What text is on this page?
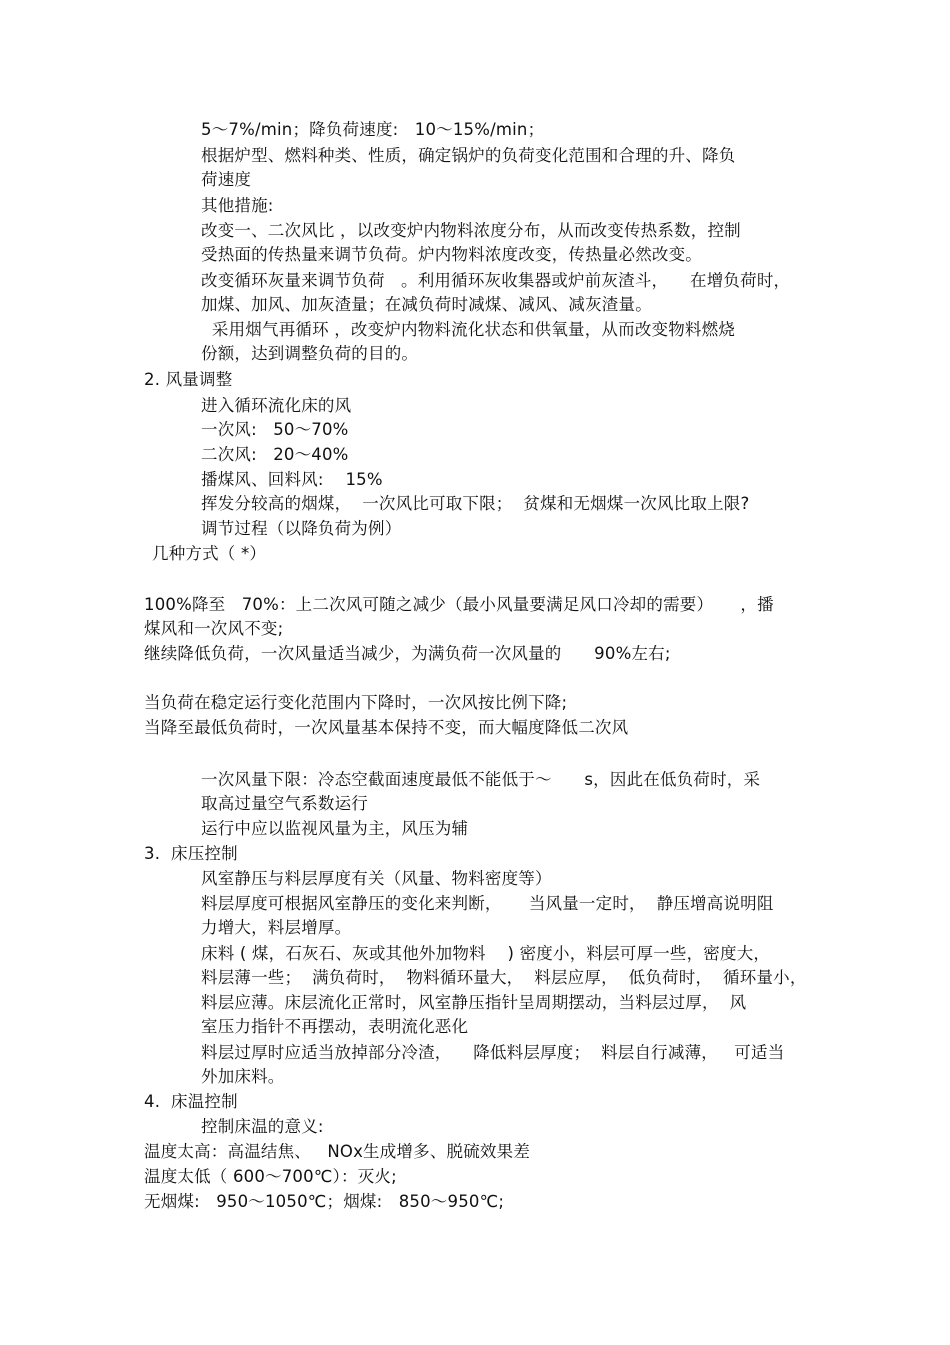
5～7%/min；降负荷速度:   10～15%/min；
根据炉型、燃料种类、性质，确定锅炉的负荷变化范围和合理的升、降负
荷速度
其他措施:
改变一、二次风比 ，以改变炉内物料浓度分布，从而改变传热系数，控制
受热面的传热量来调节负荷。炉内物料浓度改变，传热量必然改变。
改变循环灰量来调节负荷   。利用循环灰收集器或炉前灰渣斗，    在增负荷时，
加煤、加风、加灰渣量；在减负荷时减煤、减风、减灰渣量。
采用烟气再循环 ，改变炉内物料流化状态和供氧量，从而改变物料燃烧
份额，达到调整负荷的目的。
2. 风量调整
进入循环流化床的风
一次风:   50～70%
二次风:   20～40%
播煤风、回料风:    15%
挥发分较高的烟煤，  一次风比可取下限；  贫煤和无烟煤一次风比取上限?
调节过程（以降负荷为例）
几种方式（ *）
100%降至   70%：上二次风可随之减少（最小风量要满足风口冷却的需要）     ，播
煤风和一次风不变;
继续降低负荷，一次风量适当减少，为满负荷一次风量的      90%左右;
当负荷在稳定运行变化范围内下降时，一次风按比例下降;
当降至最低负荷时，一次风量基本保持不变，而大幅度降低二次风
一次风量下限：冷态空截面速度最低不能低于～      s，因此在低负荷时，采
取高过量空气系数运行
运行中应以监视风量为主，风压为辅
3.  床压控制
风室静压与料层厚度有关（风量、物料密度等）
料层厚度可根据风室静压的变化来判断，     当风量一定时，  静压增高说明阻
力增大，料层增厚。
床料 ( 煤，石灰石、灰或其他外加物料    ) 密度小，料层可厚一些，密度大，
料层薄一些；  满负荷时，  物料循环量大，  料层应厚，  低负荷时，  循环量小，
料层应薄。床层流化正常时，风室静压指针呈周期摆动，当料层过厚，  风
室压力指针不再摆动，表明流化恶化
料层过厚时应适当放掉部分冷渣，    降低料层厚度；  料层自行减薄，   可适当
外加床料。
4.  床温控制
控制床温的意义:
温度太高：高温结焦、   NOx生成增多、脱硫效果差
温度太低（ 600～700℃）：灭火;
无烟煤:   950～1050℃；烟煤:   850～950℃;
